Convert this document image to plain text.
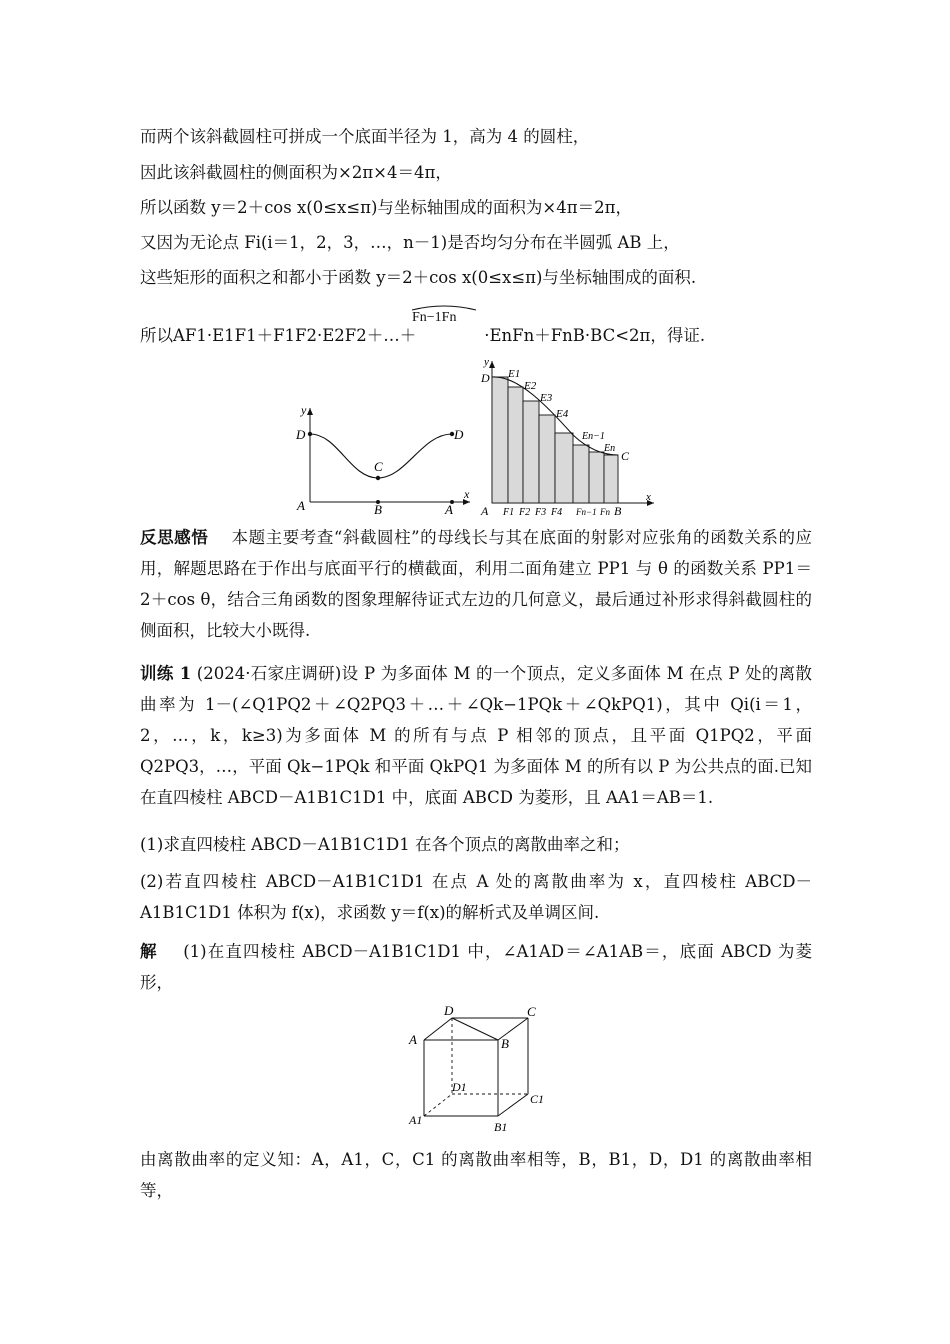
而两个该斜截圆柱可拼成一个底面半径为 1，高为 4 的圆柱，
因此该斜截圆柱的侧面积为×2π×4＝4π，
所以函数 y＝2＋cos x(0≤x≤π)与坐标轴围成的面积为×4π＝2π，
又因为无论点 Fi(i＝1，2，3，…，n－1)是否均匀分布在半圆弧 AB 上，
这些矩形的面积之和都小于函数 y＝2＋cos x(0≤x≤π)与坐标轴围成的面积.
所以AF1·E1F1＋F1F2·E2F2＋…＋	·EnFn＋FnB·BC<2π，得证.
Fn−1Fn
y
x
D	D
C
A	B	A
y
x
D
C
A	B
E1
E2
E3
E4
En−1
En
F1 F2 F3 F4 Fn−1 Fn
反思感悟 本题主要考查“斜截圆柱”的母线长与其在底面的射影对应张角的函数关系的应用，解题思路在于作出与底面平行的横截面，利用二面角建立 PP1 与 θ 的函数关系 PP1＝2＋cos θ，结合三角函数的图象理解待证式左边的几何意义，最后通过补形求得斜截圆柱的侧面积，比较大小既得.
训练 1 (2024·石家庄调研)设 P 为多面体 M 的一个顶点，定义多面体 M 在点 P 处的离散曲率为 1－(∠Q1PQ2＋∠Q2PQ3＋…＋∠Qk−1PQk＋∠QkPQ1)，其中 Qi(i＝1，2，…，k，k≥3)为多面体 M 的所有与点 P 相邻的顶点，且平面 Q1PQ2，平面 Q2PQ3，…，平面 Qk−1PQk 和平面 QkPQ1 为多面体 M 的所有以 P 为公共点的面.已知在直四棱柱 ABCD－A1B1C1D1 中，底面 ABCD 为菱形，且 AA1＝AB＝1.
(1)求直四棱柱 ABCD－A1B1C1D1 在各个顶点的离散曲率之和；
(2)若直四棱柱 ABCD－A1B1C1D1 在点 A 处的离散曲率为 x，直四棱柱 ABCD－A1B1C1D1 体积为 f(x)，求函数 y＝f(x)的解析式及单调区间.
解 (1)在直四棱柱 ABCD－A1B1C1D1 中，∠A1AD＝∠A1AB＝，底面 ABCD 为菱形，
D	C
A	B
D1
A1	B1
C1
由离散曲率的定义知：A，A1，C，C1 的离散曲率相等，B，B1，D，D1 的离散曲率相等，
